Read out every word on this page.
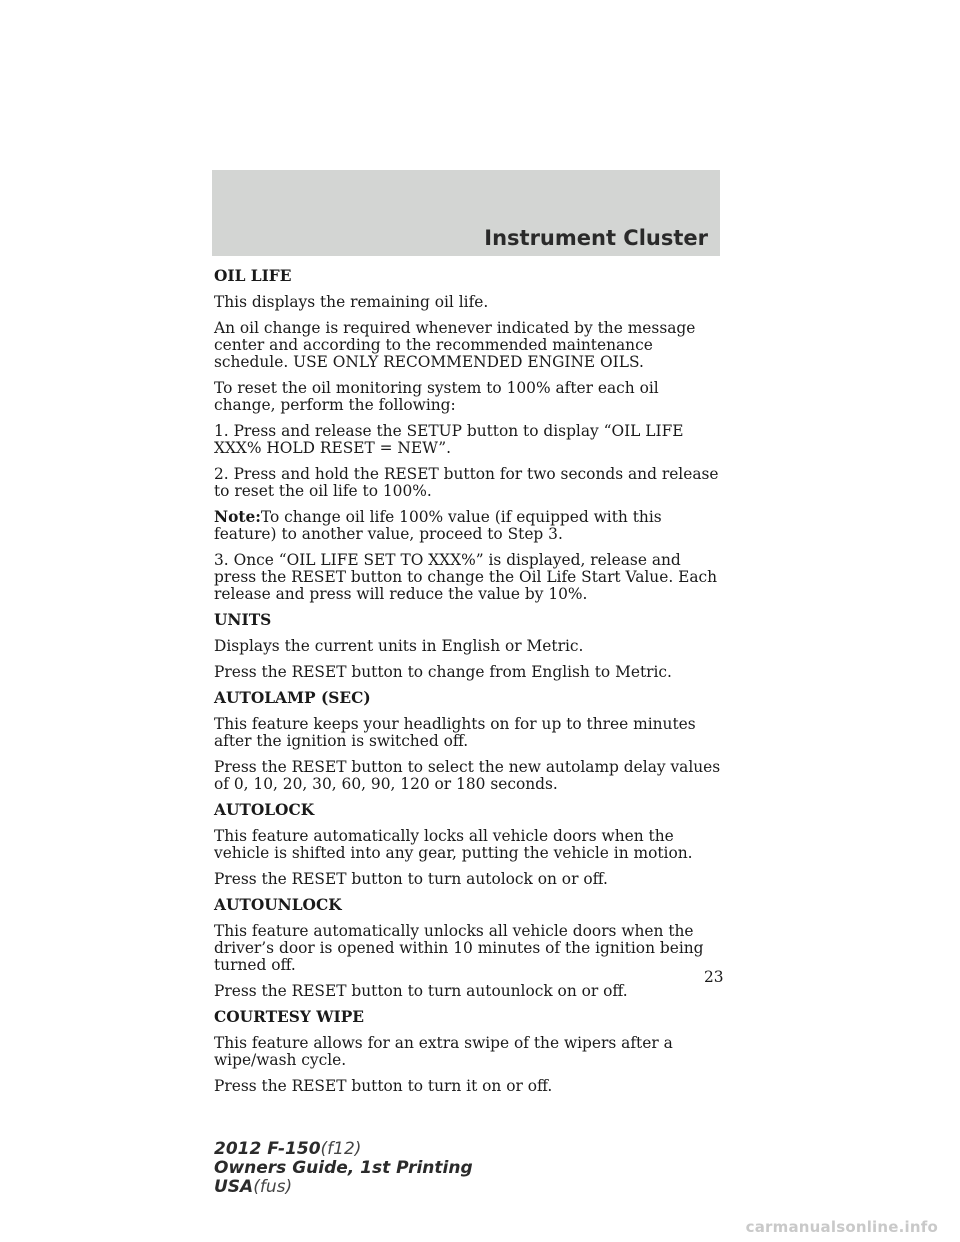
Instrument Cluster
OIL LIFE

This displays the remaining oil life.

An oil change is required whenever indicated by the message center and according to the recommended maintenance schedule. USE ONLY RECOMMENDED ENGINE OILS.

To reset the oil monitoring system to 100% after each oil change, perform the following:

1. Press and release the SETUP button to display “OIL LIFE XXX% HOLD RESET = NEW”.

2. Press and hold the RESET button for two seconds and release to reset the oil life to 100%.

Note:To change oil life 100% value (if equipped with this feature) to another value, proceed to Step 3.

3. Once “OIL LIFE SET TO XXX%” is displayed, release and press the RESET button to change the Oil Life Start Value. Each release and press will reduce the value by 10%.

UNITS

Displays the current units in English or Metric.

Press the RESET button to change from English to Metric.

AUTOLAMP (SEC)

This feature keeps your headlights on for up to three minutes after the ignition is switched off.

Press the RESET button to select the new autolamp delay values of 0, 10, 20, 30, 60, 90, 120 or 180 seconds.

AUTOLOCK

This feature automatically locks all vehicle doors when the vehicle is shifted into any gear, putting the vehicle in motion.

Press the RESET button to turn autolock on or off.

AUTOUNLOCK

This feature automatically unlocks all vehicle doors when the driver’s door is opened within 10 minutes of the ignition being turned off.

Press the RESET button to turn autounlock on or off.

COURTESY WIPE

This feature allows for an extra swipe of the wipers after a wipe/wash cycle.

Press the RESET button to turn it on or off.

23

2012 F-150(f12)
Owners Guide, 1st Printing
USA(fus)
carmanualsonline.info
